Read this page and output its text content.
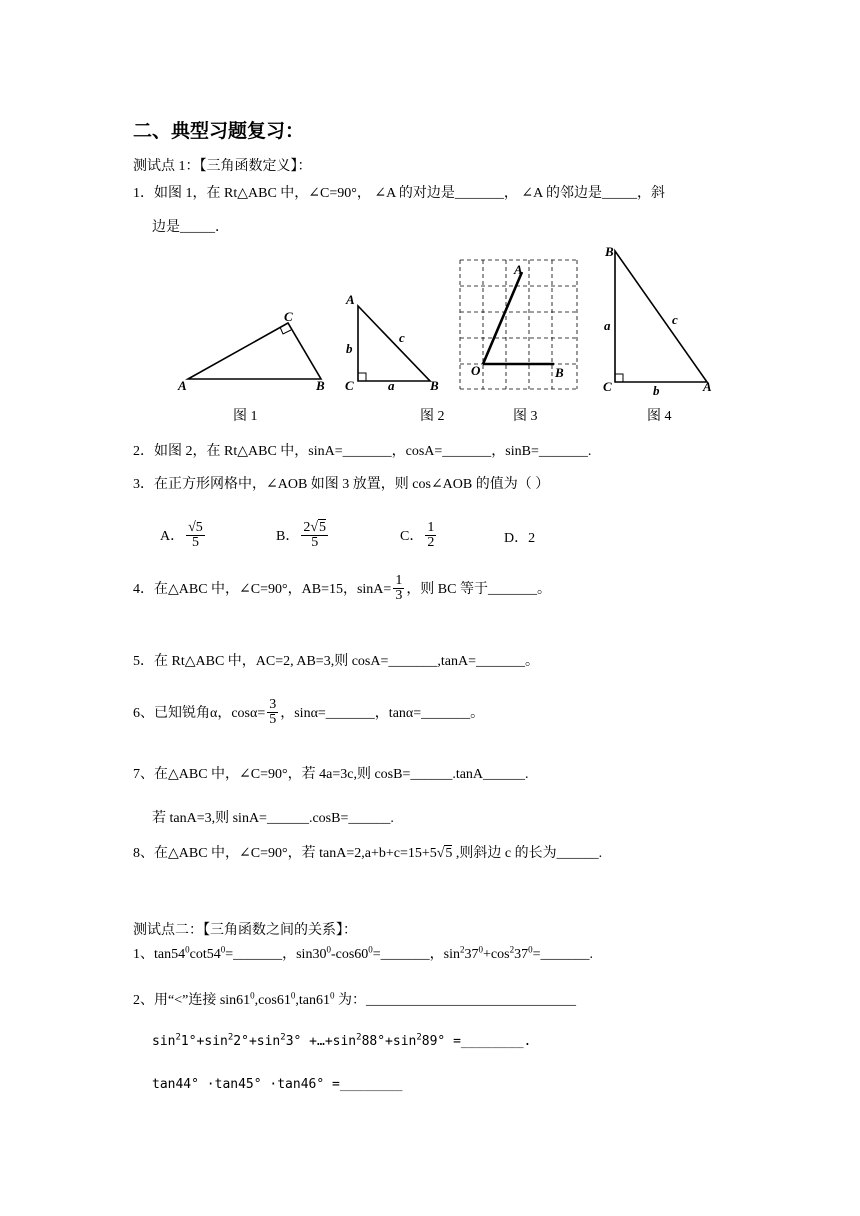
二、典型习题复习：
测试点 1：【三角函数定义】：
1．如图 1，在 Rt△ABC 中，∠C=90°， ∠A 的对边是_______， ∠A 的邻边是_____，斜
边是_____．
A	B
C
A
b
c
C	a	B
A
O	B
B
a	c
C	b	A
图 1	图 2	图 3	图 4
2．如图 2，在 Rt△ABC 中，sinA=_______，cosA=_______，sinB=_______.
3．在正方形网格中，∠AOB 如图 3 放置，则 cos∠AOB 的值为（ ）
A． $\frac{√5}{5}$	B． $\frac{2√5}{5}$	C． $\frac{1}{2}$	D．2
4．在△ABC 中，∠C=90°，AB=15，$\sin A= \frac{1}{3}$ ，则 BC 等于_______。
5．在 Rt△ABC 中，AC=2, AB=3,则 cosA=_______,tanA=_______。
6、已知锐角α，$\cos\alpha= \frac{3}{5}$ ，sinα=_______，tanα=_______。
7、在△ABC 中，∠C=90°，若 4a=3c,则 cosB=______.tanA______.
若 tanA=3,则 sinA=______.cosB=______.
8、在△ABC 中，∠C=90°，若 tanA=2,a+b+c=15+5√5 ,则斜边 c 的长为______.
测试点二：【三角函数之间的关系】：
1、$\tan 54^0\cot 54^0=\_\_\_\_\_\_\_$，$\sin 30^0-\cos 60^0=\_\_\_\_\_\_\_$，$\sin^237^0+\cos^237^0=\_\_\_\_\_\_\_$.
2、用“<”连接 $\sin 61^0,\cos 61^0,\tan 61^0$ 为：______________________________
$\sin^21^\circ+\sin^22^\circ+\sin^23^\circ$ $+\dots+\sin^288^\circ+\sin^289^\circ$ =________.
tan44° ·tan45° ·tan46° =________
